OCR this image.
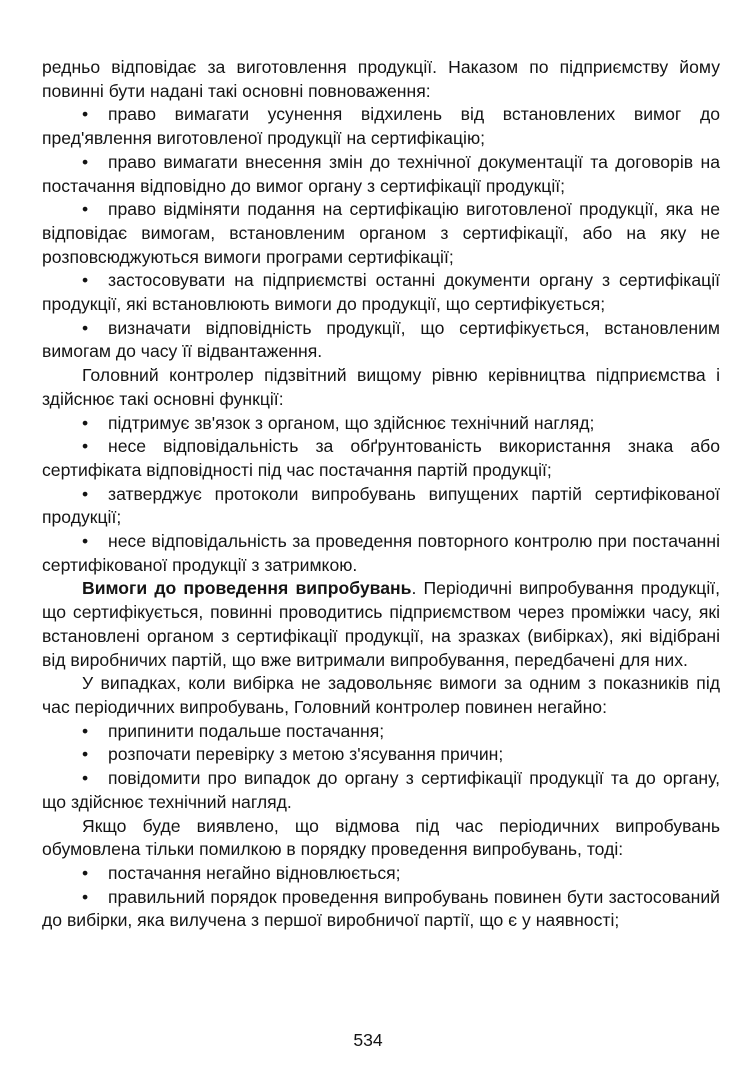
редньо відповідає за виготовлення продукції. Наказом по підприємству йому повинні бути надані такі основні повноваження:

• право вимагати усунення відхилень від встановлених вимог до пред'явлення виготовленої продукції на сертифікацію;

• право вимагати внесення змін до технічної документації та договорів на постачання відповідно до вимог органу з сертифікації продукції;

• право відміняти подання на сертифікацію виготовленої продукції, яка не відповідає вимогам, встановленим органом з сертифікації, або на яку не розповсюджуються вимоги програми сертифікації;

• застосовувати на підприємстві останні документи органу з сертифікації продукції, які встановлюють вимоги до продукції, що сертифікується;

• визначати відповідність продукції, що сертифікується, встановленим вимогам до часу її відвантаження.

Головний контролер підзвітний вищому рівню керівництва підприємства і здійснює такі основні функції:

• підтримує зв'язок з органом, що здійснює технічний нагляд;

• несе відповідальність за обґрунтованість використання знака або сертифіката відповідності під час постачання партій продукції;

• затверджує протоколи випробувань випущених партій сертифікованої продукції;

• несе відповідальність за проведення повторного контролю при постачанні сертифікованої продукції з затримкою.

Вимоги до проведення випробувань. Періодичні випробування продукції, що сертифікується, повинні проводитись підприємством через проміжки часу, які встановлені органом з сертифікації продукції, на зразках (вибірках), які відібрані від виробничих партій, що вже витримали випробування, передбачені для них.

У випадках, коли вибірка не задовольняє вимоги за одним з показників під час періодичних випробувань, Головний контролер повинен негайно:

• припинити подальше постачання;

• розпочати перевірку з метою з'ясування причин;

• повідомити про випадок до органу з сертифікації продукції та до органу, що здійснює технічний нагляд.

Якщо буде виявлено, що відмова під час періодичних випробувань обумовлена тільки помилкою в порядку проведення випробувань, тоді:

• постачання негайно відновлюється;

• правильний порядок проведення випробувань повинен бути застосований до вибірки, яка вилучена з першої виробничої партії, що є у наявності;

534
